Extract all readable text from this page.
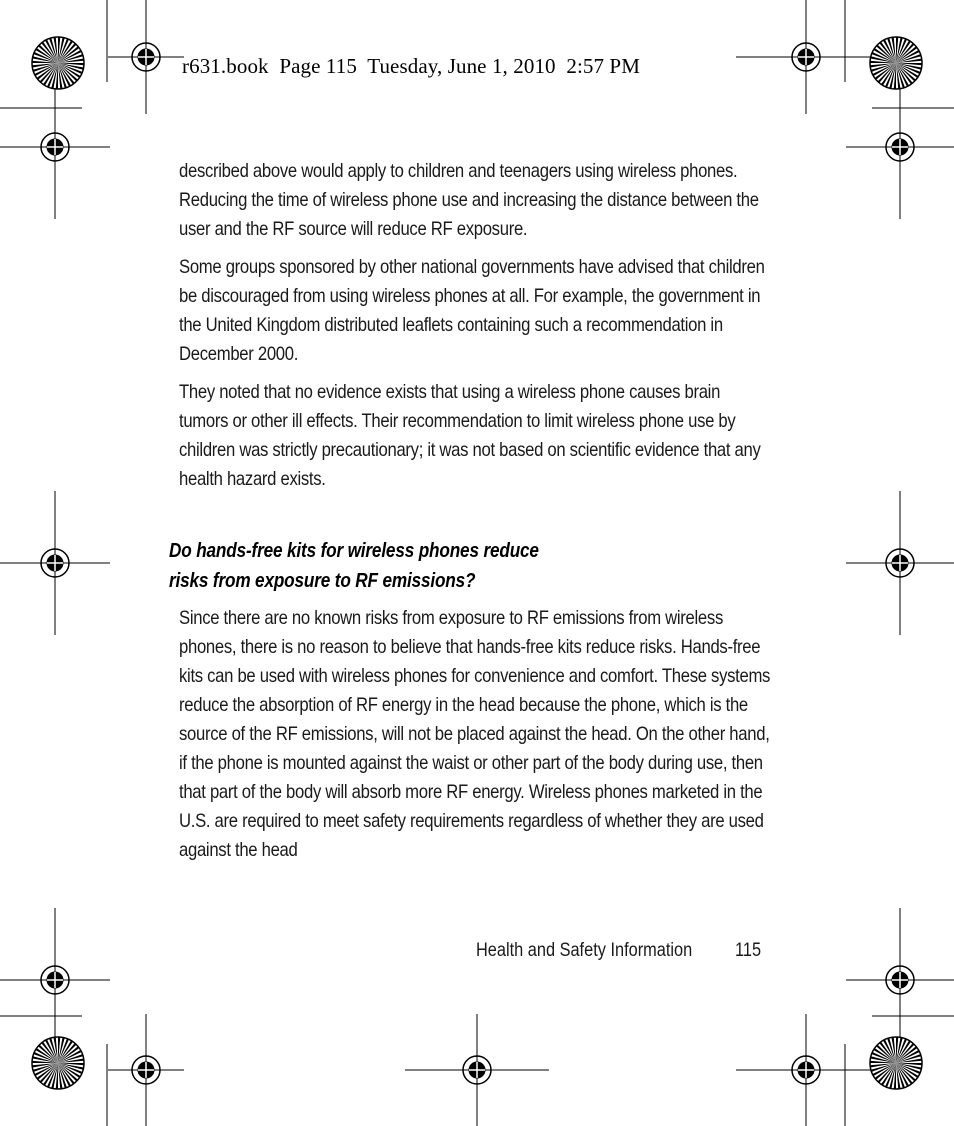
r631.book  Page 115  Tuesday, June 1, 2010  2:57 PM

described above would apply to children and teenagers using wireless phones. Reducing the time of wireless phone use and increasing the distance between the user and the RF source will reduce RF exposure.

Some groups sponsored by other national governments have advised that children be discouraged from using wireless phones at all. For example, the government in the United Kingdom distributed leaflets containing such a recommendation in December 2000.

They noted that no evidence exists that using a wireless phone causes brain tumors or other ill effects. Their recommendation to limit wireless phone use by children was strictly precautionary; it was not based on scientific evidence that any health hazard exists.

Do hands-free kits for wireless phones reduce
risks from exposure to RF emissions?

Since there are no known risks from exposure to RF emissions from wireless phones, there is no reason to believe that hands-free kits reduce risks. Hands-free kits can be used with wireless phones for convenience and comfort. These systems reduce the absorption of RF energy in the head because the phone, which is the source of the RF emissions, will not be placed against the head. On the other hand, if the phone is mounted against the waist or other part of the body during use, then that part of the body will absorb more RF energy. Wireless phones marketed in the U.S. are required to meet safety requirements regardless of whether they are used against the head

Health and Safety Information 115
